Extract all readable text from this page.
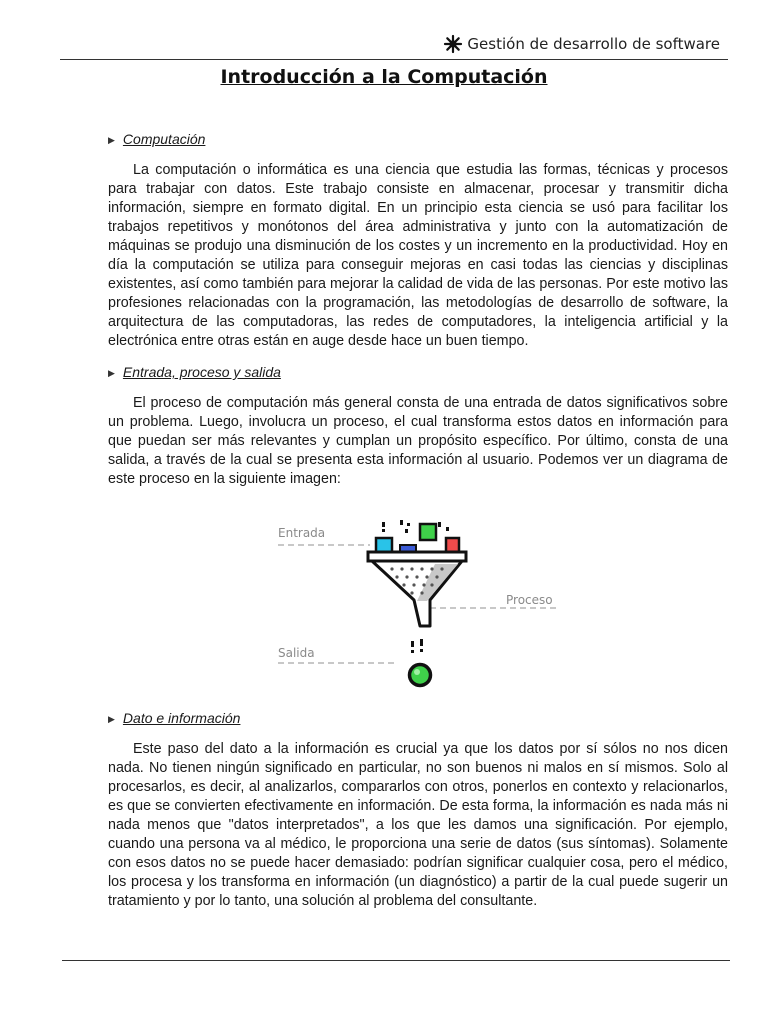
Gestión de desarrollo de software
Introducción a la Computación
▶ Computación

La computación o informática es una ciencia que estudia las formas, técnicas y procesos para trabajar con datos. Este trabajo consiste en almacenar, procesar y transmitir dicha información, siempre en formato digital. En un principio esta ciencia se usó para facilitar los trabajos repetitivos y monótonos del área administrativa y junto con la automatización de máquinas se produjo una disminución de los costes y un incremento en la productividad. Hoy en día la computación se utiliza para conseguir mejoras en casi todas las ciencias y disciplinas existentes, así como también para mejorar la calidad de vida de las personas. Por este motivo las profesiones relacionadas con la programación, las metodologías de desarrollo de software, la arquitectura de las computadoras, las redes de computadores, la inteligencia artificial y la electrónica entre otras están en auge desde hace un buen tiempo.

▶ Entrada, proceso y salida

El proceso de computación más general consta de una entrada de datos significativos sobre un problema. Luego, involucra un proceso, el cual transforma estos datos en información para que puedan ser más relevantes y cumplan un propósito específico. Por último, consta de una salida, a través de la cual se presenta esta información al usuario. Podemos ver un diagrama de este proceso en la siguiente imagen:

Entrada
Proceso
Salida
▶ Dato e información

Este paso del dato a la información es crucial ya que los datos por sí sólos no nos dicen nada. No tienen ningún significado en particular, no son buenos ni malos en sí mismos. Solo al procesarlos, es decir, al analizarlos, compararlos con otros, ponerlos en contexto y relacionarlos, es que se convierten efectivamente en información. De esta forma, la información es nada más ni nada menos que "datos interpretados", a los que les damos una significación. Por ejemplo, cuando una persona va al médico, le proporciona una serie de datos (sus síntomas). Solamente con esos datos no se puede hacer demasiado: podrían significar cualquier cosa, pero el médico, los procesa y los transforma en información (un diagnóstico) a partir de la cual puede sugerir un tratamiento y por lo tanto, una solución al problema del consultante.
